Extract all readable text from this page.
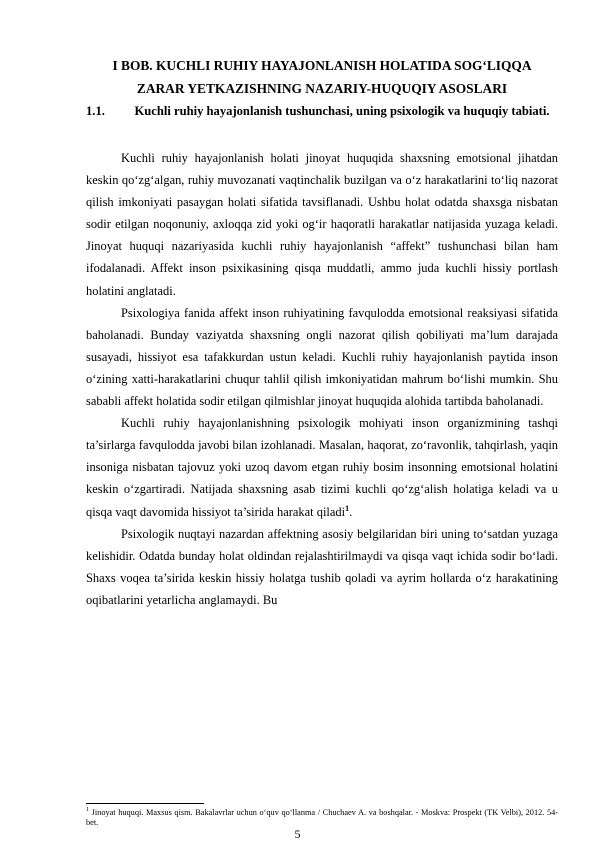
I BOB. KUCHLI RUHIY HAYAJONLANISH HOLATIDA SOG‘LIQQA
ZARAR YETKAZISHNING NAZARIY-HUQUQIY ASOSLARI
1.1.	Kuchli ruhiy hayajonlanish tushunchasi, uning psixologik va huquqiy tabiati.

Kuchli ruhiy hayajonlanish holati jinoyat huquqida shaxsning emotsional jihatdan keskin qo‘zg‘algan, ruhiy muvozanati vaqtinchalik buzilgan va o‘z harakatlarini to‘liq nazorat qilish imkoniyati pasaygan holati sifatida tavsiflanadi. Ushbu holat odatda shaxsga nisbatan sodir etilgan noqonuniy, axloqqa zid yoki og‘ir haqoratli harakatlar natijasida yuzaga keladi. Jinoyat huquqi nazariyasida kuchli ruhiy hayajonlanish “affekt” tushunchasi bilan ham ifodalanadi. Affekt inson psixikasining qisqa muddatli, ammo juda kuchli hissiy portlash holatini anglatadi.

Psixologiya fanida affekt inson ruhiyatining favqulodda emotsional reaksiyasi sifatida baholanadi. Bunday vaziyatda shaxsning ongli nazorat qilish qobiliyati ma’lum darajada susayadi, hissiyot esa tafakkurdan ustun keladi. Kuchli ruhiy hayajonlanish paytida inson o‘zining xatti-harakatlarini chuqur tahlil qilish imkoniyatidan mahrum bo‘lishi mumkin. Shu sababli affekt holatida sodir etilgan qilmishlar jinoyat huquqida alohida tartibda baholanadi.

Kuchli ruhiy hayajonlanishning psixologik mohiyati inson organizmining tashqi ta’sirlarga favqulodda javobi bilan izohlanadi. Masalan, haqorat, zo‘ravonlik, tahqirlash, yaqin insoniga nisbatan tajovuz yoki uzoq davom etgan ruhiy bosim insonning emotsional holatini keskin o‘zgartiradi. Natijada shaxsning asab tizimi kuchli qo‘zg‘alish holatiga keladi va u qisqa vaqt davomida hissiyot ta’sirida harakat qiladi$^1$.

Psixologik nuqtayi nazardan affektning asosiy belgilaridan biri uning to‘satdan yuzaga kelishidir. Odatda bunday holat oldindan rejalashtirilmaydi va qisqa vaqt ichida sodir bo‘ladi. Shaxs voqea ta’sirida keskin hissiy holatga tushib qoladi va ayrim hollarda o‘z harakatining oqibatlarini yetarlicha anglamaydi. Bu

$^1$ Jinoyat huquqi. Maxsus qism. Bakalavrlar uchun o‘quv qo‘llanma / Chuchaev A. va boshqalar. - Moskva: Prospekt (TK Velbi), 2012. 54-bet.
5
